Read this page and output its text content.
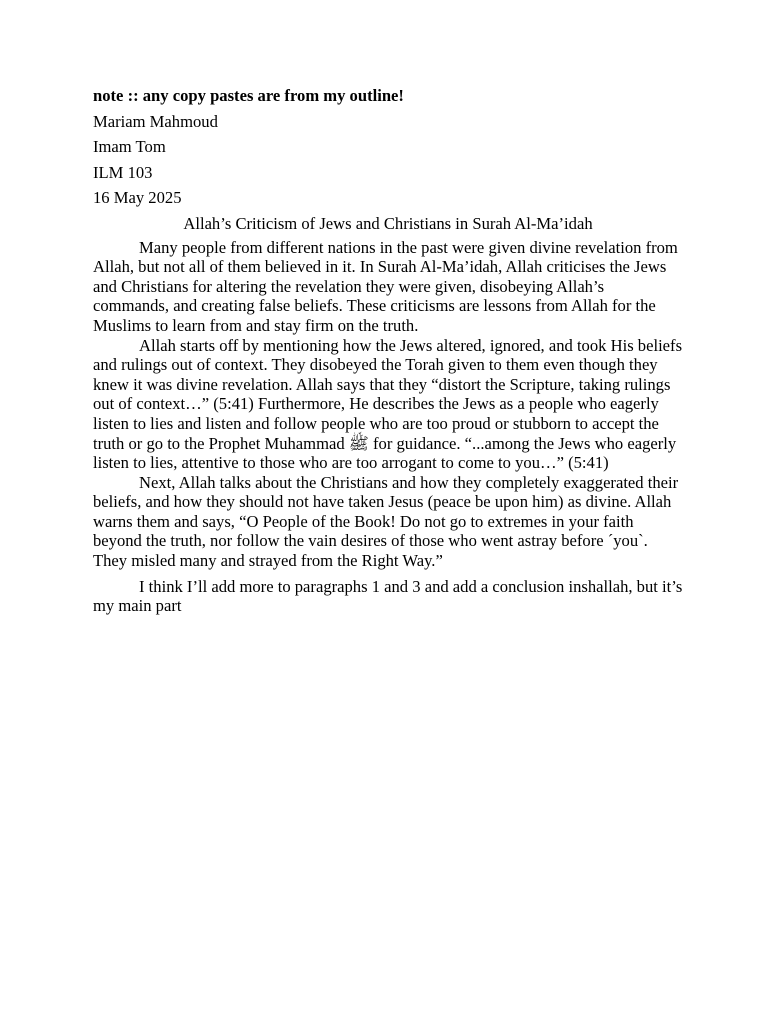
note :: any copy pastes are from my outline!
Mariam Mahmoud
Imam Tom
ILM 103
16 May 2025
Allah’s Criticism of Jews and Christians in Surah Al-Ma’idah

Many people from different nations in the past were given divine revelation from Allah, but not all of them believed in it. In Surah Al-Ma’idah, Allah criticises the Jews and Christians for altering the revelation they were given, disobeying Allah’s commands, and creating false beliefs. These criticisms are lessons from Allah for the Muslims to learn from and stay firm on the truth.

Allah starts off by mentioning how the Jews altered, ignored, and took His beliefs and rulings out of context. They disobeyed the Torah given to them even though they knew it was divine revelation. Allah says that they “distort the Scripture, taking rulings out of context…” (5:41) Furthermore, He describes the Jews as a people who eagerly listen to lies and listen and follow people who are too proud or stubborn to accept the truth or go to the Prophet Muhammad ﷺ for guidance. “...among the Jews who eagerly listen to lies, attentive to those who are too arrogant to come to you…” (5:41)

Next, Allah talks about the Christians and how they completely exaggerated their beliefs, and how they should not have taken Jesus (peace be upon him) as divine. Allah warns them and says, “O People of the Book! Do not go to extremes in your faith beyond the truth, nor follow the vain desires of those who went astray before ˊyouˋ. They misled many and strayed from the Right Way.”

I think I’ll add more to paragraphs 1 and 3 and add a conclusion inshallah, but it’s my main part
